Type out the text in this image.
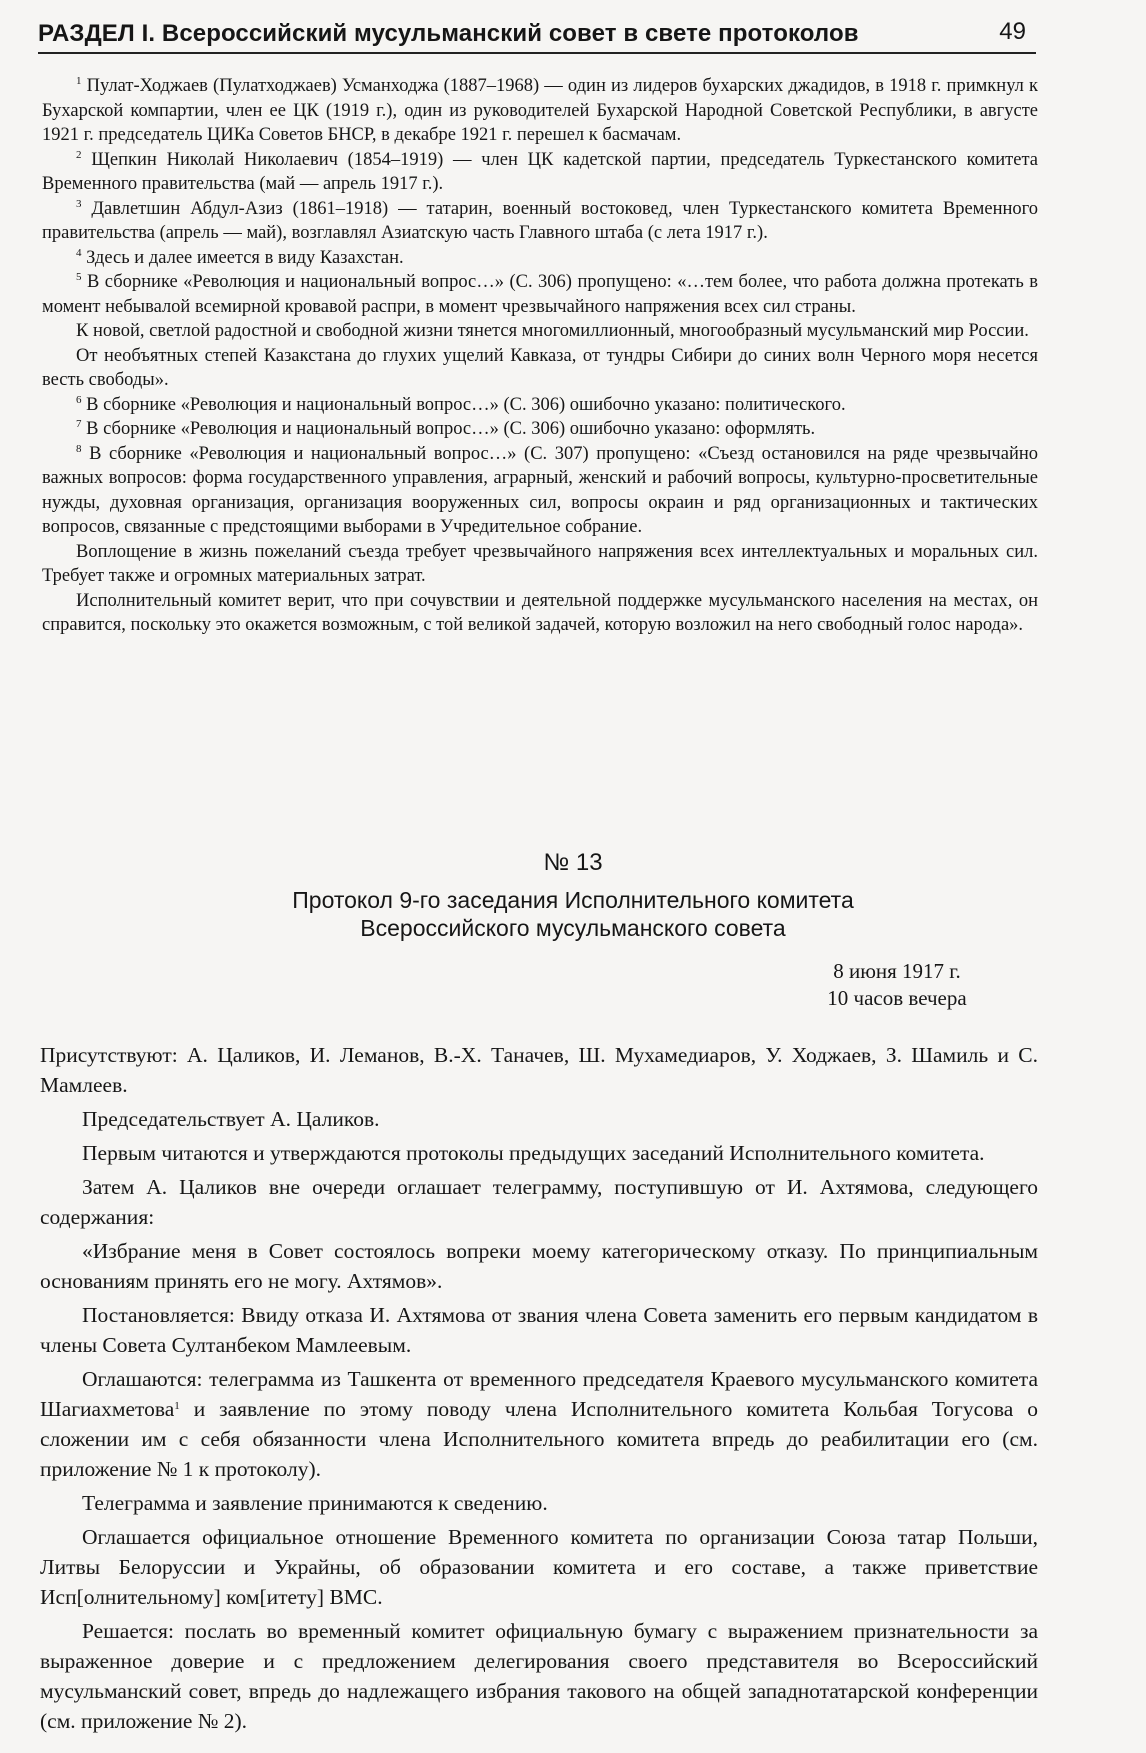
РАЗДЕЛ I. Всероссийский мусульманский совет в свете протоколов	49

$^1$ Пулат-Ходжаев (Пулатходжаев) Усманходжа (1887–1968) — один из лидеров бухарских джадидов, в 1918 г. примкнул к Бухарской компартии, член ее ЦК (1919 г.), один из руководителей Бухарской Народной Советской Республики, в августе 1921 г. председатель ЦИКа Советов БНСР, в декабре 1921 г. перешел к басмачам.

$^2$ Щепкин Николай Николаевич (1854–1919) — член ЦК кадетской партии, председатель Туркестанского комитета Временного правительства (май — апрель 1917 г.).

$^3$ Давлетшин Абдул-Азиз (1861–1918) — татарин, военный востоковед, член Туркестанского комитета Временного правительства (апрель — май), возглавлял Азиатскую часть Главного штаба (с лета 1917 г.).

$^4$ Здесь и далее имеется в виду Казахстан.

$^5$ В сборнике «Революция и национальный вопрос…» (С. 306) пропущено: «…тем более, что работа должна протекать в момент небывалой всемирной кровавой распри, в момент чрезвычайного напряжения всех сил страны.

К новой, светлой радостной и свободной жизни тянется многомиллионный, многообразный мусульманский мир России.

От необъятных степей Казакстана до глухих ущелий Кавказа, от тундры Сибири до синих волн Черного моря несется весть свободы».

$^6$ В сборнике «Революция и национальный вопрос…» (С. 306) ошибочно указано: политического.

$^7$ В сборнике «Революция и национальный вопрос…» (С. 306) ошибочно указано: оформлять.

$^8$ В сборнике «Революция и национальный вопрос…» (С. 307) пропущено: «Съезд остановился на ряде чрезвычайно важных вопросов: форма государственного управления, аграрный, женский и рабочий вопросы, культурно-просветительные нужды, духовная организация, организация вооруженных сил, вопросы окраин и ряд организационных и тактических вопросов, связанные с предстоящими выборами в Учредительное собрание.

Воплощение в жизнь пожеланий съезда требует чрезвычайного напряжения всех интеллектуальных и моральных сил. Требует также и огромных материальных затрат.

Исполнительный комитет верит, что при сочувствии и деятельной поддержке мусульманского населения на местах, он справится, поскольку это окажется возможным, с той великой задачей, которую возложил на него свободный голос народа».

№ 13
Протокол 9-го заседания Исполнительного комитета
Всероссийского мусульманского совета
8 июня 1917 г.
10 часов вечера

Присутствуют: А. Цаликов, И. Леманов, В.-Х. Таначев, Ш. Мухамедиаров, У. Ходжаев, З. Шамиль и С. Мамлеев.

Председательствует А. Цаликов.

Первым читаются и утверждаются протоколы предыдущих заседаний Исполнительного комитета.

Затем А. Цаликов вне очереди оглашает телеграмму, поступившую от И. Ахтямова, следующего содержания:

«Избрание меня в Совет состоялось вопреки моему категорическому отказу. По принципиальным основаниям принять его не могу. Ахтямов».

Постановляется: Ввиду отказа И. Ахтямова от звания члена Совета заменить его первым кандидатом в члены Совета Султанбеком Мамлеевым.

Оглашаются: телеграмма из Ташкента от временного председателя Краевого мусульманского комитета Шагиахметова$^1$ и заявление по этому поводу члена Исполнительного комитета Кольбая Тогусова о сложении им с себя обязанности члена Исполнительного комитета впредь до реабилитации его (см. приложение № 1 к протоколу).

Телеграмма и заявление принимаются к сведению.

Оглашается официальное отношение Временного комитета по организации Союза татар Польши, Литвы Белоруссии и Украйны, об образовании комитета и его составе, а также приветствие Исп[олнительному] ком[итету] ВМС.

Решается: послать во временный комитет официальную бумагу с выражением признательности за выраженное доверие и с предложением делегирования своего представителя во Всероссийский мусульманский совет, впредь до надлежащего избрания такового на общей западнотатарской конференции (см. приложение № 2).
